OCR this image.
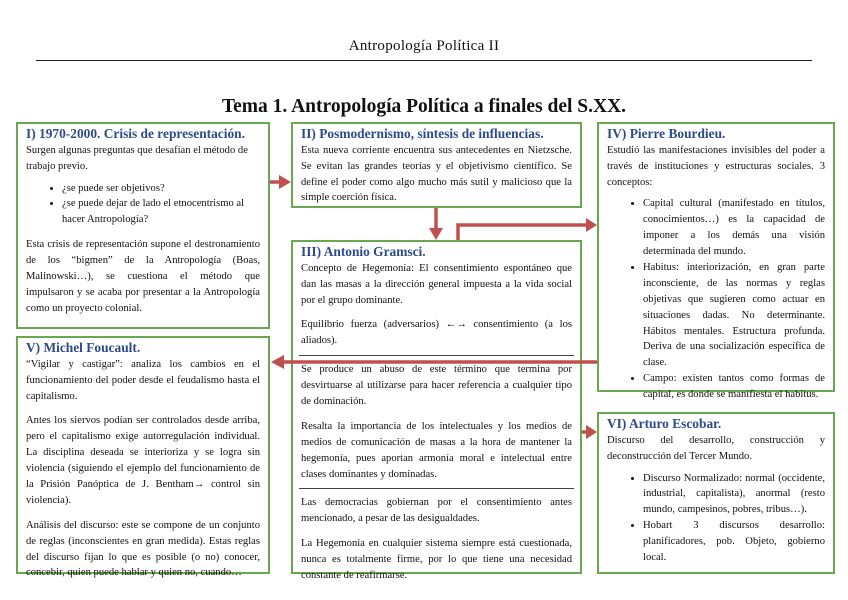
Antropología Política II
Tema 1. Antropología Política a finales del S.XX.
I) 1970-2000. Crisis de representación.

Surgen algunas preguntas que desafían el método de trabajo previo.

• ¿se puede ser objetivos?
• ¿se puede dejar de lado el etnocentrismo al hacer Antropología?

Esta crisis de representación supone el destronamiento de los “bigmen” de la Antropología (Boas, Malinowski…), se cuestiona el método que impulsaron y se acaba por presentar a la Antropología como un proyecto colonial.

II) Posmodernismo, síntesis de influencias.

Esta nueva corriente encuentra sus antecedentes en Nietzsche. Se evitan las grandes teorías y el objetivismo científico. Se define el poder como algo mucho más sutil y malicioso que la simple coerción física.

III) Antonio Gramsci.

Concepto de Hegemonía: El consentimiento espontáneo que dan las masas a la dirección general impuesta a la vida social por el grupo dominante.

Equilibrio fuerza (adversarios) ←→ consentimiento (a los aliados).

Se produce un abuso de este término que termina por desvirtuarse al utilizarse para hacer referencia a cualquier tipo de dominación.

Resalta la importancia de los intelectuales y los medios de medios de comunicación de masas a la hora de mantener la hegemonía, pues aportan armonía moral e intelectual entre clases dominantes y dominadas.

Las democracias gobiernan por el consentimiento antes mencionado, a pesar de las desigualdades.

La Hegemonía en cualquier sistema siempre está cuestionada, nunca es totalmente firme, por lo que tiene una necesidad constante de reafirmarse.

IV) Pierre Bourdieu.

Estudió las manifestaciones invisibles del poder a través de instituciones y estructuras sociales. 3 conceptos:

• Capital cultural (manifestado en títulos, conocimientos…) es la capacidad de imponer a los demás una visión determinada del mundo.
• Habitus: interiorización, en gran parte inconsciente, de las normas y reglas objetivas que sugieren como actuar en situaciones dadas. No determinante. Hábitos mentales. Estructura profunda. Deriva de una socialización específica de clase.
• Campo: existen tantos como formas de capital, es donde se manifiesta el habitus.
V) Michel Foucault.

“Vigilar y castigar”: analiza los cambios en el funcionamiento del poder desde el feudalismo hasta el capitalismo.

Antes los siervos podían ser controlados desde arriba, pero el capitalismo exige autorregulación individual. La disciplina deseada se interioriza y se logra sin violencia (siguiendo el ejemplo del funcionamiento de la Prisión Panóptica de J. Bentham→ control sin violencia).

Análisis del discurso: este se compone de un conjunto de reglas (inconscientes en gran medida). Estas reglas del discurso fijan lo que es posible (o no) conocer, concebir, quien puede hablar y quien no, cuando…

VI) Arturo Escobar.

Discurso del desarrollo, construcción y deconstrucción del Tercer Mundo.

• Discurso Normalizado: normal (occidente, industrial, capitalista), anormal (resto mundo, campesinos, pobres, tribus…).
• Hobart 3 discursos desarrollo: planificadores, pob. Objeto, gobierno local.
